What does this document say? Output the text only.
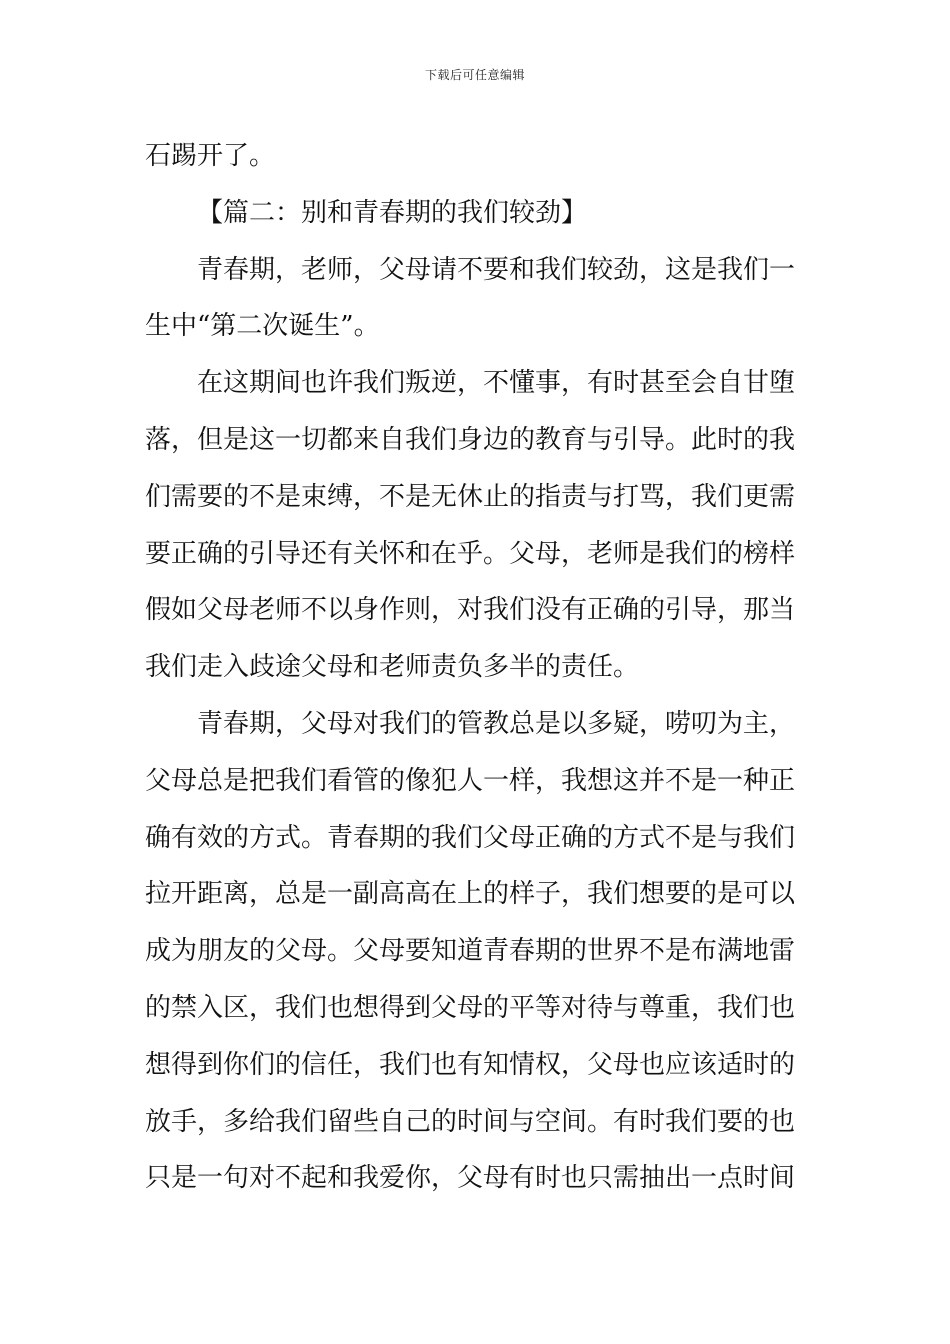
下载后可任意编辑
石踢开了。
【篇二：别和青春期的我们较劲】
青春期，老师，父母请不要和我们较劲，这是我们一
生中“第二次诞生”。
在这期间也许我们叛逆，不懂事，有时甚至会自甘堕
落，但是这一切都来自我们身边的教育与引导。此时的我
们需要的不是束缚，不是无休止的指责与打骂，我们更需
要正确的引导还有关怀和在乎。父母，老师是我们的榜样
假如父母老师不以身作则，对我们没有正确的引导，那当
我们走入歧途父母和老师责负多半的责任。
青春期，父母对我们的管教总是以多疑，唠叨为主，
父母总是把我们看管的像犯人一样，我想这并不是一种正
确有效的方式。青春期的我们父母正确的方式不是与我们
拉开距离，总是一副高高在上的样子，我们想要的是可以
成为朋友的父母。父母要知道青春期的世界不是布满地雷
的禁入区，我们也想得到父母的平等对待与尊重，我们也
想得到你们的信任，我们也有知情权，父母也应该适时的
放手，多给我们留些自己的时间与空间。有时我们要的也
只是一句对不起和我爱你，父母有时也只需抽出一点时间
